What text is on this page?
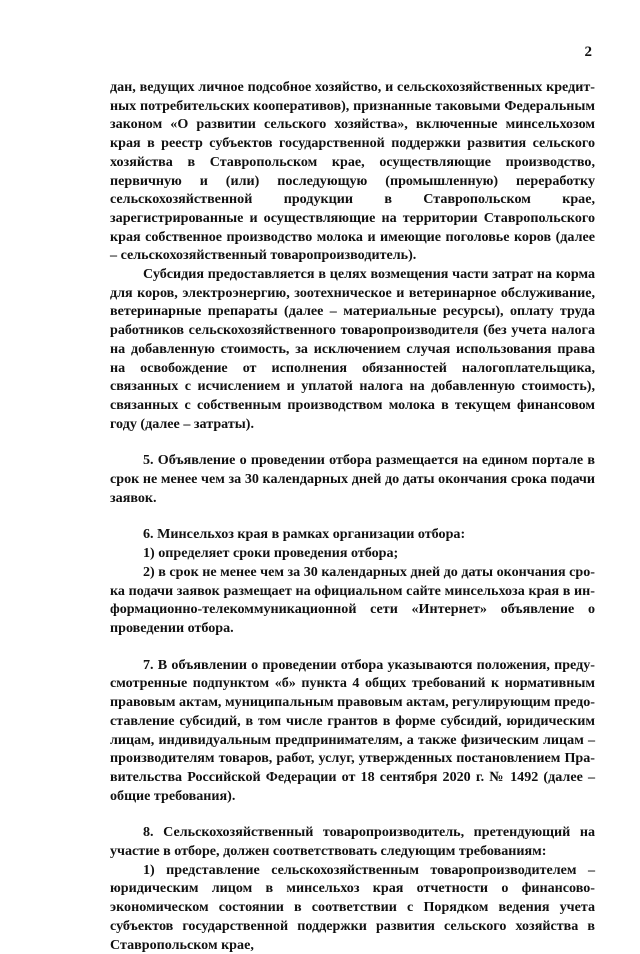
2

дан, ведущих личное подсобное хозяйство, и сельскохозяйственных кредитных потребительских кооперативов), признанные таковыми Федеральным законом «О развитии сельского хозяйства», включенные минсельхозом края в реестр субъектов государственной поддержки развития сельского хозяйства в Ставропольском крае, осуществляющие производство, первичную и (или) последующую (промышленную) переработку сельскохозяйственной продукции в Ставропольском крае, зарегистрированные и осуществляющие на территории Ставропольского края собственное производство молока и имеющие поголовье коров (далее – сельскохозяйственный товаропроизводитель).

Субсидия предоставляется в целях возмещения части затрат на корма для коров, электроэнергию, зоотехническое и ветеринарное обслуживание, ветеринарные препараты (далее – материальные ресурсы), оплату труда работников сельскохозяйственного товаропроизводителя (без учета налога на добавленную стоимость, за исключением случая использования права на освобождение от исполнения обязанностей налогоплательщика, связанных с исчислением и уплатой налога на добавленную стоимость), связанных с собственным производством молока в текущем финансовом году (далее – затраты).

5. Объявление о проведении отбора размещается на едином портале в срок не менее чем за 30 календарных дней до даты окончания срока подачи заявок.

6. Минсельхоз края в рамках организации отбора:

1) определяет сроки проведения отбора;

2) в срок не менее чем за 30 календарных дней до даты окончания срока подачи заявок размещает на официальном сайте минсельхоза края в информационно-телекоммуникационной сети «Интернет» объявление о проведении отбора.

7. В объявлении о проведении отбора указываются положения, предусмотренные подпунктом «б» пункта 4 общих требований к нормативным правовым актам, муниципальным правовым актам, регулирующим предоставление субсидий, в том числе грантов в форме субсидий, юридическим лицам, индивидуальным предпринимателям, а также физическим лицам – производителям товаров, работ, услуг, утвержденных постановлением Правительства Российской Федерации от 18 сентября 2020 г. № 1492 (далее – общие требования).

8. Сельскохозяйственный товаропроизводитель, претендующий на участие в отборе, должен соответствовать следующим требованиям:

1) представление сельскохозяйственным товаропроизводителем – юридическим лицом в минсельхоз края отчетности о финансово-экономическом состоянии в соответствии с Порядком ведения учета субъектов государственной поддержки развития сельского хозяйства в Ставропольском крае,
